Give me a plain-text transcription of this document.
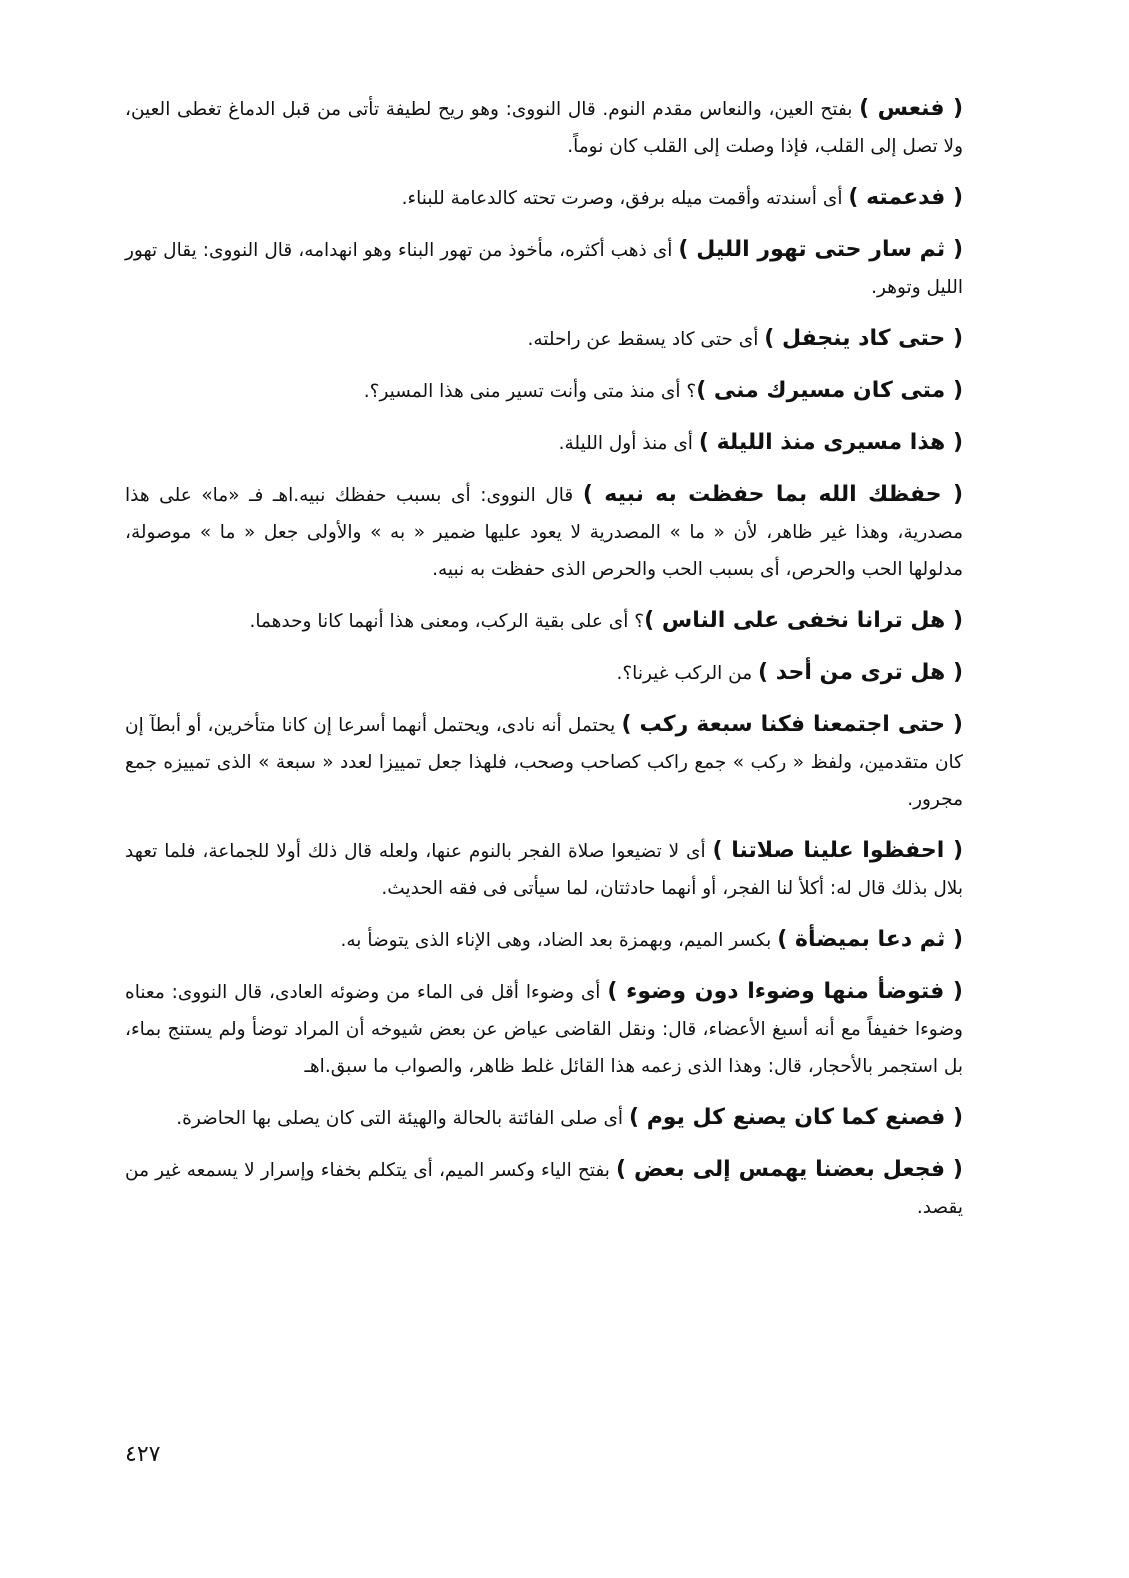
( فنعس ) بفتح العين، والنعاس مقدم النوم. قال النووى: وهو ريح لطيفة تأتى من قبل الدماغ تغطى العين، ولا تصل إلى القلب، فإذا وصلت إلى القلب كان نوماً.

( فدعمته ) أى أسندته وأقمت ميله برفق، وصرت تحته كالدعامة للبناء.

( ثم سار حتى تهور الليل ) أى ذهب أكثره، مأخوذ من تهور البناء وهو انهدامه، قال النووى: يقال تهور الليل وتوهر.

( حتى كاد ينجفل ) أى حتى كاد يسقط عن راحلته.

( متى كان مسيرك منى )؟ أى منذ متى وأنت تسير منى هذا المسير؟.

( هذا مسيرى منذ الليلة ) أى منذ أول الليلة.

( حفظك الله بما حفظت به نبيه ) قال النووى: أى بسبب حفظك نبيه.اهـ فـ «ما» على هذا مصدرية، وهذا غير ظاهر، لأن « ما » المصدرية لا يعود عليها ضمير « به » والأولى جعل « ما » موصولة، مدلولها الحب والحرص، أى بسبب الحب والحرص الذى حفظت به نبيه.

( هل ترانا نخفى على الناس )؟ أى على بقية الركب، ومعنى هذا أنهما كانا وحدهما.

( هل ترى من أحد ) من الركب غيرنا؟.

( حتى اجتمعنا فكنا سبعة ركب ) يحتمل أنه نادى، ويحتمل أنهما أسرعا إن كانا متأخرين، أو أبطآ إن كان متقدمين، ولفظ « ركب » جمع راكب كصاحب وصحب، فلهذا جعل تمييزا لعدد « سبعة » الذى تمييزه جمع مجرور.

( احفظوا علينا صلاتنا ) أى لا تضيعوا صلاة الفجر بالنوم عنها، ولعله قال ذلك أولا للجماعة، فلما تعهد بلال بذلك قال له: أكلأ لنا الفجر، أو أنهما حادثتان، لما سيأتى فى فقه الحديث.

( ثم دعا بميضأة ) بكسر الميم، وبهمزة بعد الضاد، وهى الإناء الذى يتوضأ به.

( فتوضأ منها وضوءا دون وضوء ) أى وضوءا أقل فى الماء من وضوئه العادى، قال النووى: معناه وضوءا خفيفاً مع أنه أسبغ الأعضاء، قال: ونقل القاضى عياض عن بعض شيوخه أن المراد توضأ ولم يستنج بماء، بل استجمر بالأحجار، قال: وهذا الذى زعمه هذا القائل غلط ظاهر، والصواب ما سبق.اهـ

( فصنع كما كان يصنع كل يوم ) أى صلى الفائتة بالحالة والهيئة التى كان يصلى بها الحاضرة.

( فجعل بعضنا يهمس إلى بعض ) بفتح الياء وكسر الميم، أى يتكلم بخفاء وإسرار لا يسمعه غير من يقصد.

٤٢٧
